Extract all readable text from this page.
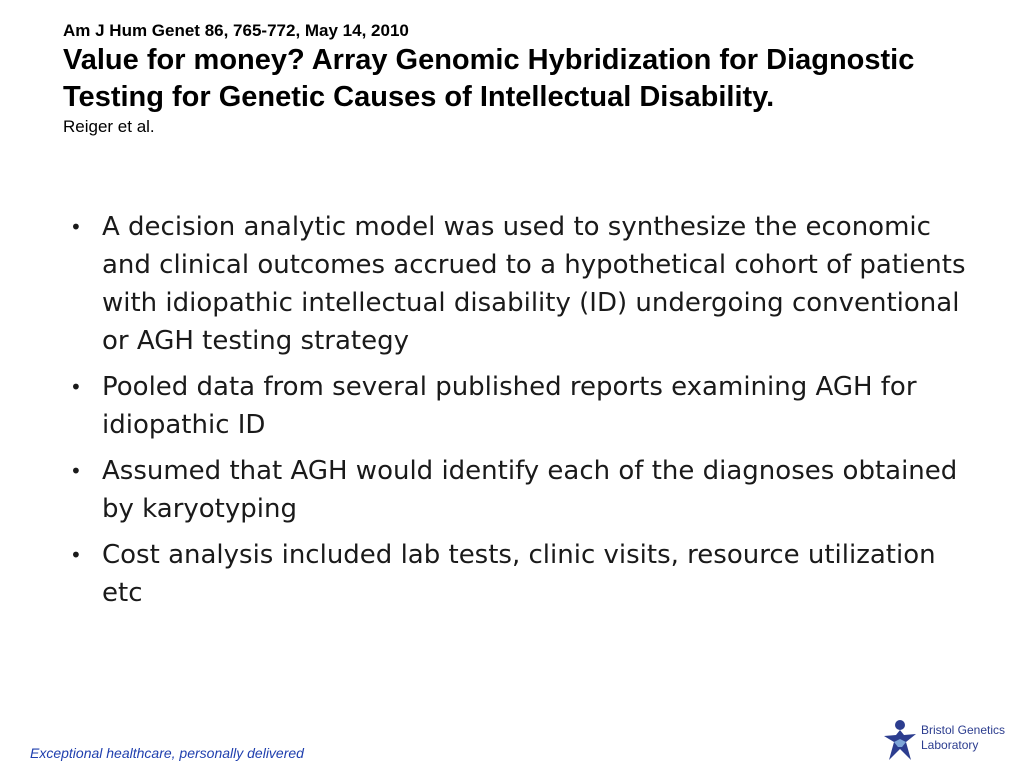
Am J Hum Genet 86, 765-772, May 14, 2010

Value for money? Array Genomic Hybridization for Diagnostic Testing for Genetic Causes of Intellectual Disability.

Reiger et al.

• A decision analytic model was used to synthesize the economic and clinical outcomes accrued to a hypothetical cohort of patients with idiopathic intellectual disability (ID) undergoing conventional or AGH testing strategy
• Pooled data from several published reports examining AGH for idiopathic ID
• Assumed that AGH would identify each of the diagnoses obtained by karyotyping
• Cost analysis included lab tests, clinic visits, resource utilization etc
Exceptional healthcare, personally delivered
Bristol Genetics
Laboratory
